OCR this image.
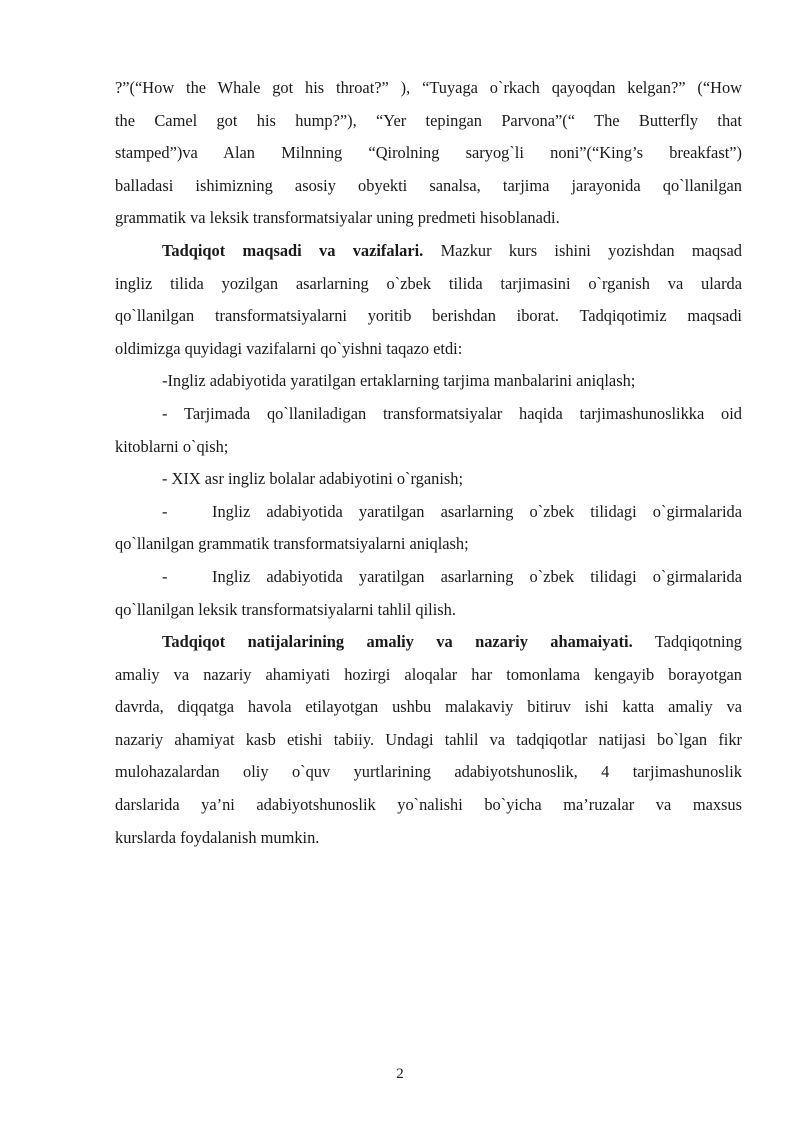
?”(“How the Whale got his throat?” ), “Tuyaga o`rkach qayoqdan kelgan?” (“How
the Camel got his hump?”), “Yer tepingan Parvona”(“ The Butterfly that
stamped”)va Alan Milnning “Qirolning saryog`li noni”(“King’s breakfast”)
balladasi ishimizning asosiy obyekti sanalsa, tarjima jarayonida qo`llanilgan
grammatik va leksik transformatsiyalar uning predmeti hisoblanadi.
Tadqiqot maqsadi va vazifalari. Mazkur kurs ishini yozishdan maqsad
ingliz tilida yozilgan asarlarning o`zbek tilida tarjimasini o`rganish va ularda
qo`llanilgan transformatsiyalarni yoritib berishdan iborat. Tadqiqotimiz maqsadi
oldimizga quyidagi vazifalarni qo`yishni taqazo etdi:
-Ingliz adabiyotida yaratilgan ertaklarning tarjima manbalarini aniqlash;
- Tarjimada qo`llaniladigan transformatsiyalar haqida tarjimashunoslikka oid
kitoblarni o`qish;
- XIX asr ingliz bolalar adabiyotini o`rganish;
-	Ingliz adabiyotida yaratilgan asarlarning o`zbek tilidagi o`girmalarida
qo`llanilgan grammatik transformatsiyalarni aniqlash;
-	Ingliz adabiyotida yaratilgan asarlarning o`zbek tilidagi o`girmalarida
qo`llanilgan leksik transformatsiyalarni tahlil qilish.
Tadqiqot natijalarining amaliy va nazariy ahamaiyati. Tadqiqotning
amaliy va nazariy ahamiyati hozirgi aloqalar har tomonlama kengayib borayotgan
davrda, diqqatga havola etilayotgan ushbu malakaviy bitiruv ishi katta amaliy va
nazariy ahamiyat kasb etishi tabiiy. Undagi tahlil va tadqiqotlar natijasi bo`lgan fikr
mulohazalardan oliy o`quv yurtlarining adabiyotshunoslik, 4 tarjimashunoslik
darslarida ya’ni adabiyotshunoslik yo`nalishi bo`yicha ma’ruzalar va maxsus
kurslarda foydalanish mumkin.
2
